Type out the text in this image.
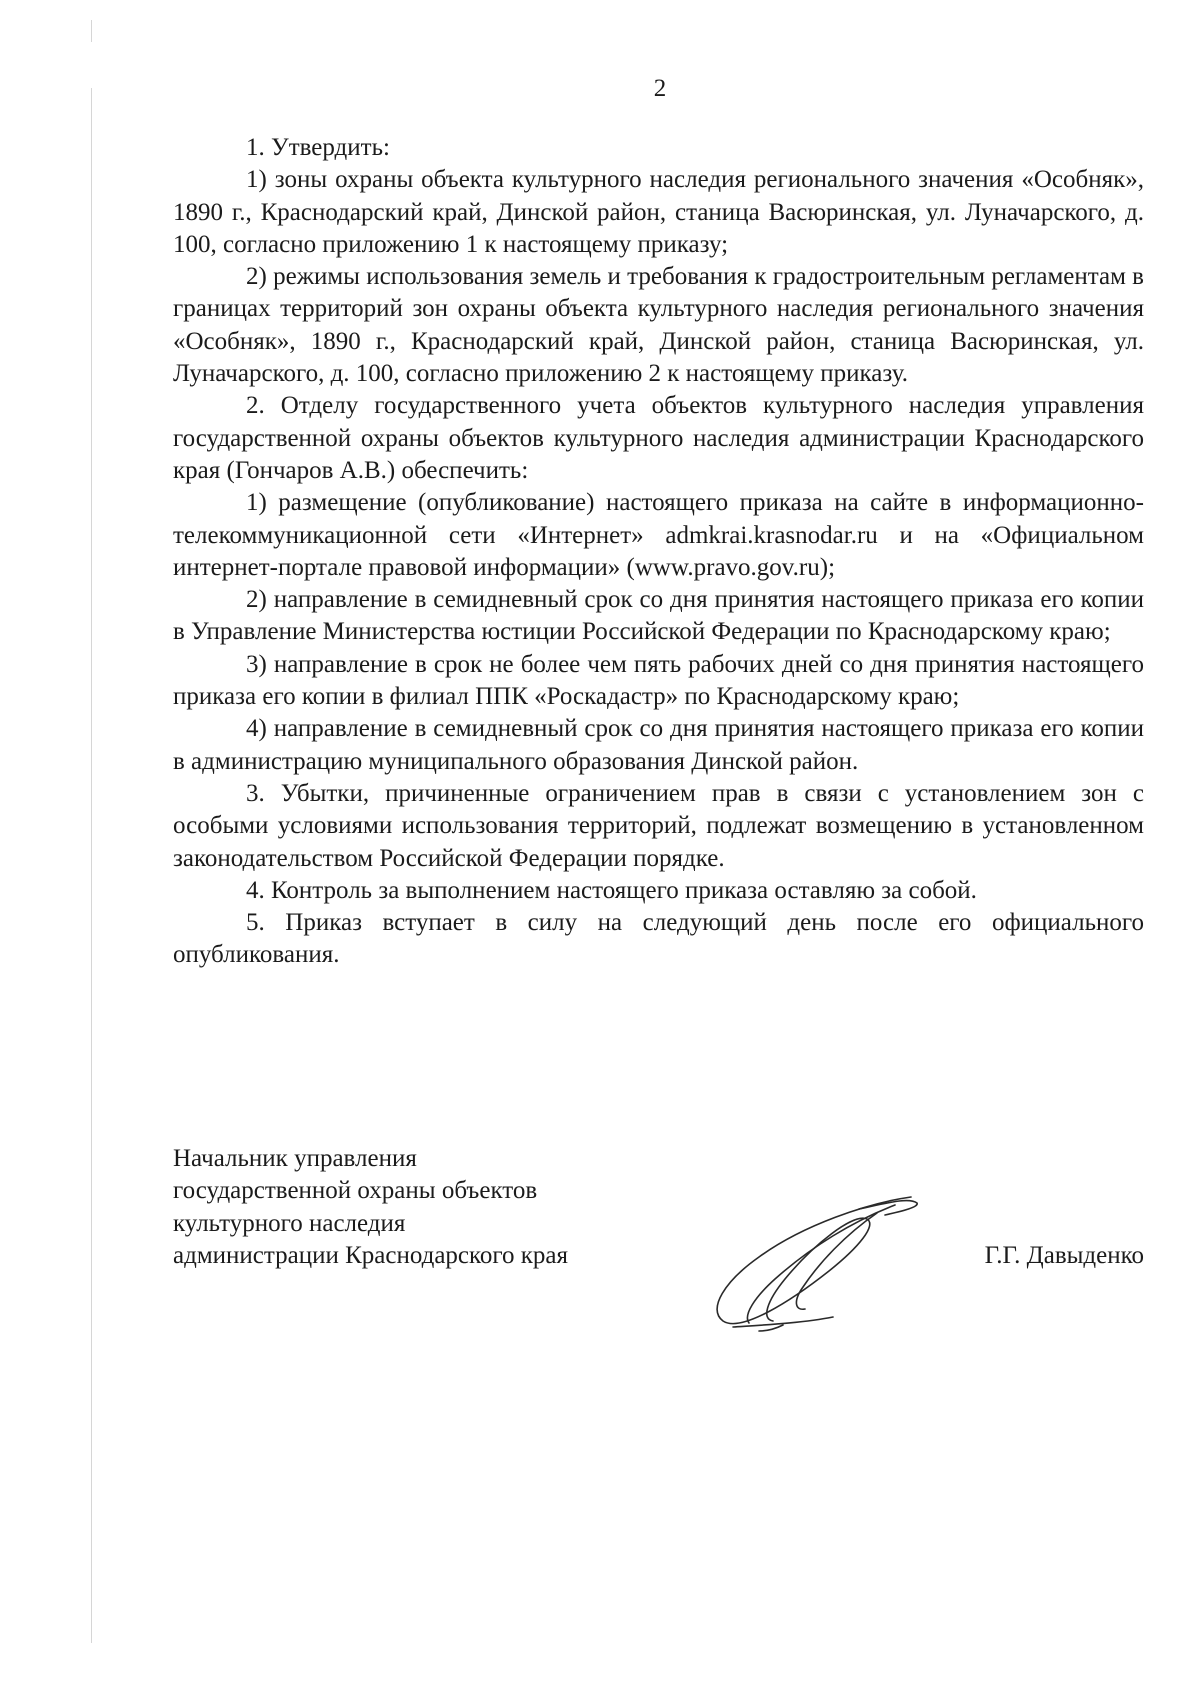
2

1. Утвердить:

1) зоны охраны объекта культурного наследия регионального значения «Особняк», 1890 г., Краснодарский край, Динской район, станица Васюринская, ул. Луначарского, д. 100, согласно приложению 1 к настоящему приказу;

2) режимы использования земель и требования к градостроительным регламентам в границах территорий зон охраны объекта культурного наследия регионального значения «Особняк», 1890 г., Краснодарский край, Динской район, станица Васюринская, ул. Луначарского, д. 100, согласно приложению 2 к настоящему приказу.

2. Отделу государственного учета объектов культурного наследия управления государственной охраны объектов культурного наследия администрации Краснодарского края (Гончаров А.В.) обеспечить:

1) размещение (опубликование) настоящего приказа на сайте в информационно-телекоммуникационной сети «Интернет» admkrai.krasnodar.ru и на «Официальном интернет-портале правовой информации» (www.pravo.gov.ru);

2) направление в семидневный срок со дня принятия настоящего приказа его копии в Управление Министерства юстиции Российской Федерации по Краснодарскому краю;

3) направление в срок не более чем пять рабочих дней со дня принятия настоящего приказа его копии в филиал ППК «Роскадастр» по Краснодарскому краю;

4) направление в семидневный срок со дня принятия настоящего приказа его копии в администрацию муниципального образования Динской район.

3. Убытки, причиненные ограничением прав в связи с установлением зон с особыми условиями использования территорий, подлежат возмещению в установленном законодательством Российской Федерации порядке.

4. Контроль за выполнением настоящего приказа оставляю за собой.

5. Приказ вступает в силу на следующий день после его официального опубликования.

Начальник управления
государственной охраны объектов
культурного наследия
администрации Краснодарского края	Г.Г. Давыденко
